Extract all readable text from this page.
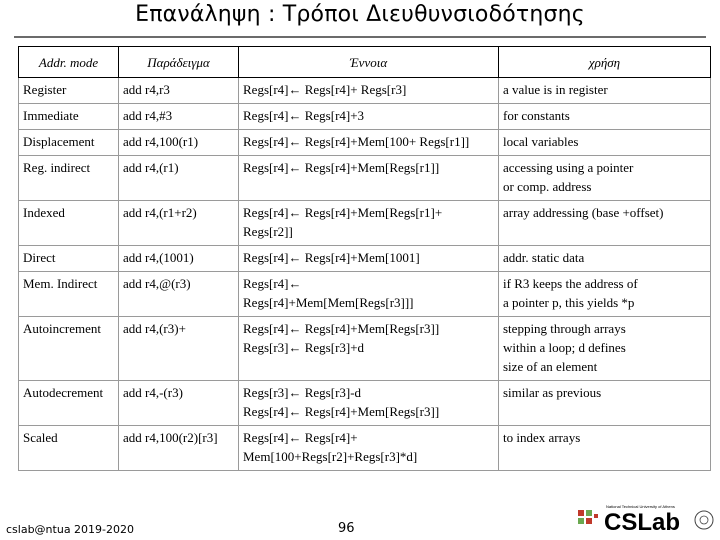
Επανάληψη : Τρόποι Διευθυνσιοδότησης
Addr. mode	Παράδειγμα	Έννοια	χρήση
Register	add r4,r3	Regs[r4]← Regs[r4]+ Regs[r3]	a value is in register

Immediate	add r4,#3	Regs[r4]← Regs[r4]+3	for constants

Displacement	add r4,100(r1)	Regs[r4]← Regs[r4]+Mem[100+ Regs[r1]]	local variables

Reg. indirect	add r4,(r1)	Regs[r4]← Regs[r4]+Mem[Regs[r1]]	accessing using a pointer
or comp. address

Indexed	add r4,(r1+r2)	Regs[r4]← Regs[r4]+Mem[Regs[r1]+
Regs[r2]]	array addressing (base +offset)

Direct	add r4,(1001)	Regs[r4]← Regs[r4]+Mem[1001]	addr. static data

Mem. Indirect	add r4,@(r3)	Regs[r4]←
Regs[r4]+Mem[Mem[Regs[r3]]]	if R3 keeps the address of
a pointer p, this yields *p

Autoincrement	add r4,(r3)+	Regs[r4]← Regs[r4]+Mem[Regs[r3]]
Regs[r3]← Regs[r3]+d	stepping through arrays
within a loop; d defines
size of an element

Autodecrement	add r4,-(r3)	Regs[r3]← Regs[r3]-d
Regs[r4]← Regs[r4]+Mem[Regs[r3]]	similar as previous

Scaled	add r4,100(r2)[r3]	Regs[r4]← Regs[r4]+
Mem[100+Regs[r2]+Regs[r3]*d]	to index arrays
cslab@ntua 2019-2020	96
National Technical University of Athens
CSLab
